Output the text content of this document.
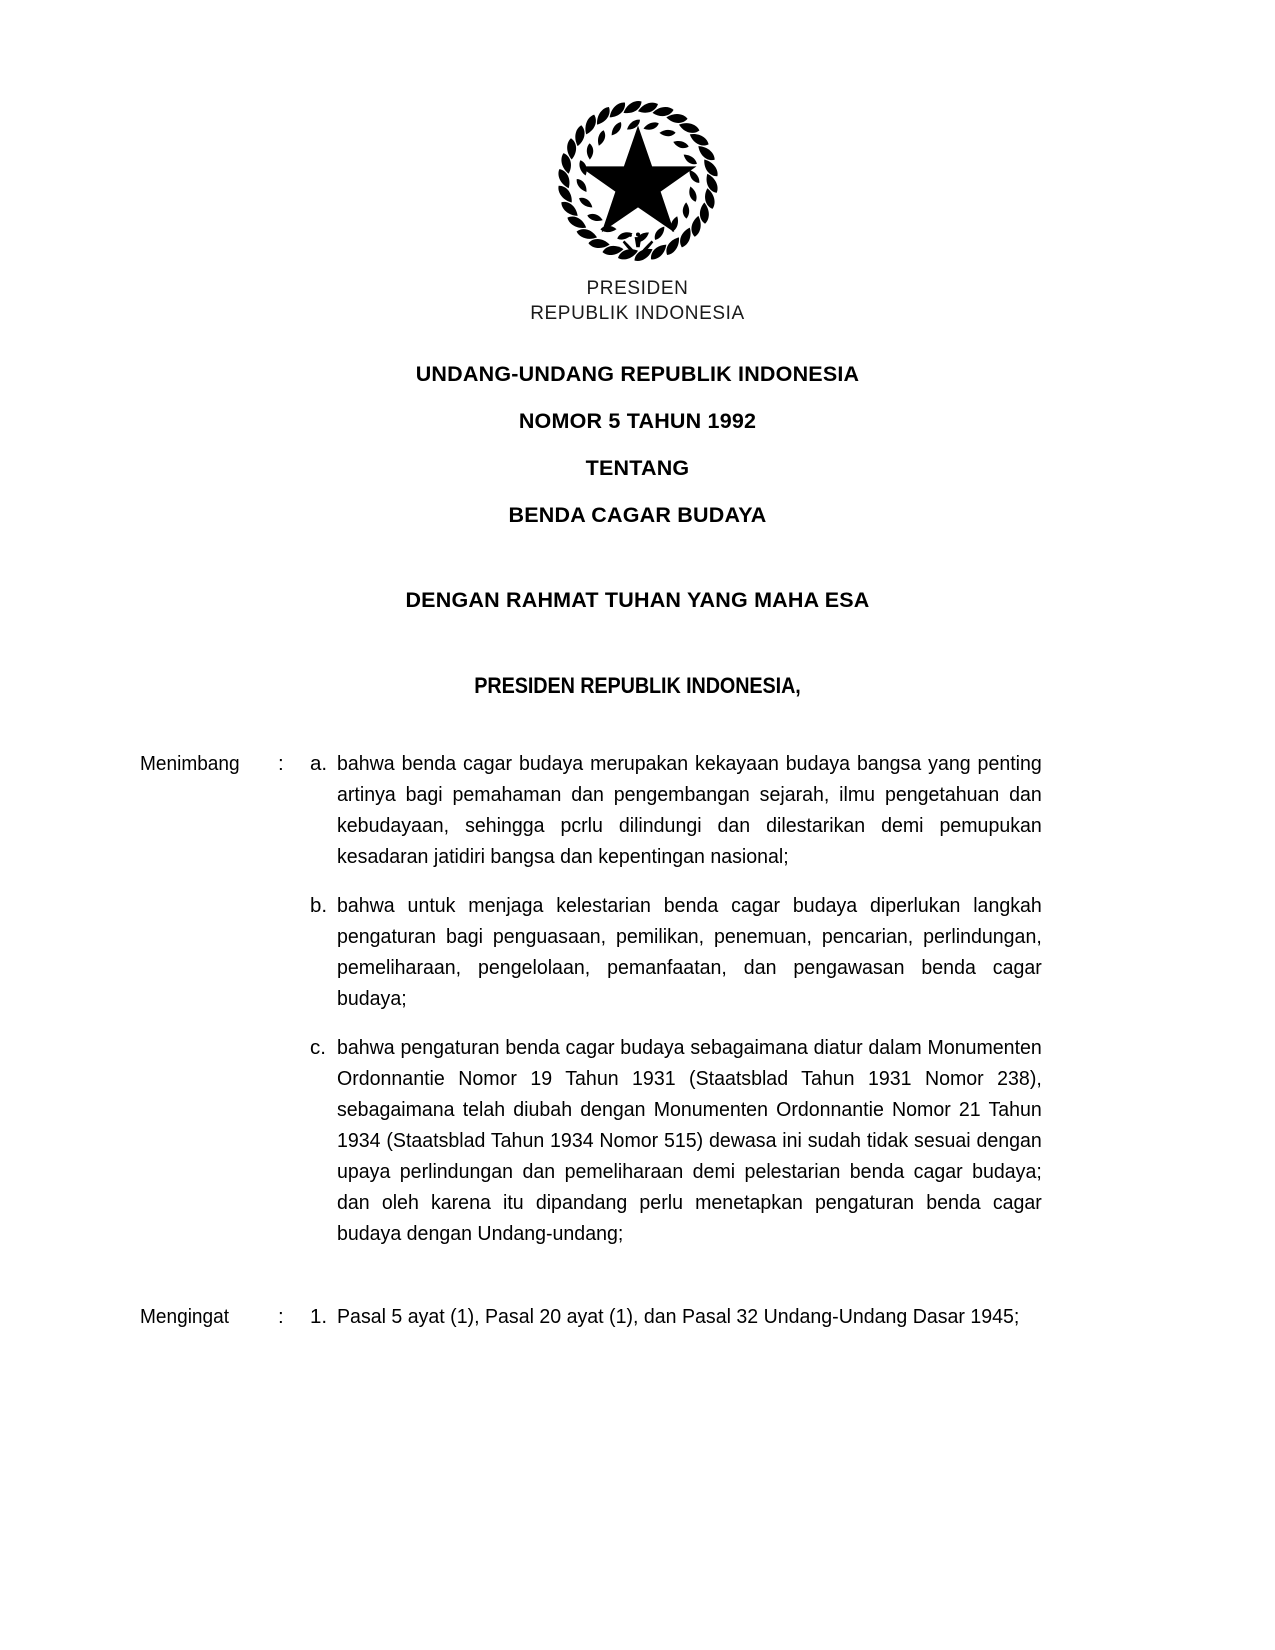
PRESIDEN
REPUBLIK INDONESIA
UNDANG-UNDANG REPUBLIK INDONESIA
NOMOR 5 TAHUN 1992
TENTANG
BENDA CAGAR BUDAYA
DENGAN RAHMAT TUHAN YANG MAHA ESA
PRESIDEN REPUBLIK INDONESIA,
Menimbang	:	a. bahwa benda cagar budaya merupakan kekayaan budaya bangsa yang penting artinya bagi pemahaman dan pengembangan sejarah, ilmu pengetahuan dan kebudayaan, sehingga pcrlu dilindungi dan dilestarikan demi pemupukan kesadaran jatidiri bangsa dan kepentingan nasional;
b. bahwa untuk menjaga kelestarian benda cagar budaya diperlukan langkah pengaturan bagi penguasaan, pemilikan, penemuan, pencarian, perlindungan, pemeliharaan, pengelolaan, pemanfaatan, dan pengawasan benda cagar budaya;
c. bahwa pengaturan benda cagar budaya sebagaimana diatur dalam Monumenten Ordonnantie Nomor 19 Tahun 1931 (Staatsblad Tahun 1931 Nomor 238), sebagaimana telah diubah dengan Monumenten Ordonnantie Nomor 21 Tahun 1934 (Staatsblad Tahun 1934 Nomor 515) dewasa ini sudah tidak sesuai dengan upaya perlindungan dan pemeliharaan demi pelestarian benda cagar budaya; dan oleh karena itu dipandang perlu menetapkan pengaturan benda cagar budaya dengan Undang-undang;
Mengingat	:	1. Pasal 5 ayat (1), Pasal 20 ayat (1), dan Pasal 32 Undang-Undang Dasar 1945;
